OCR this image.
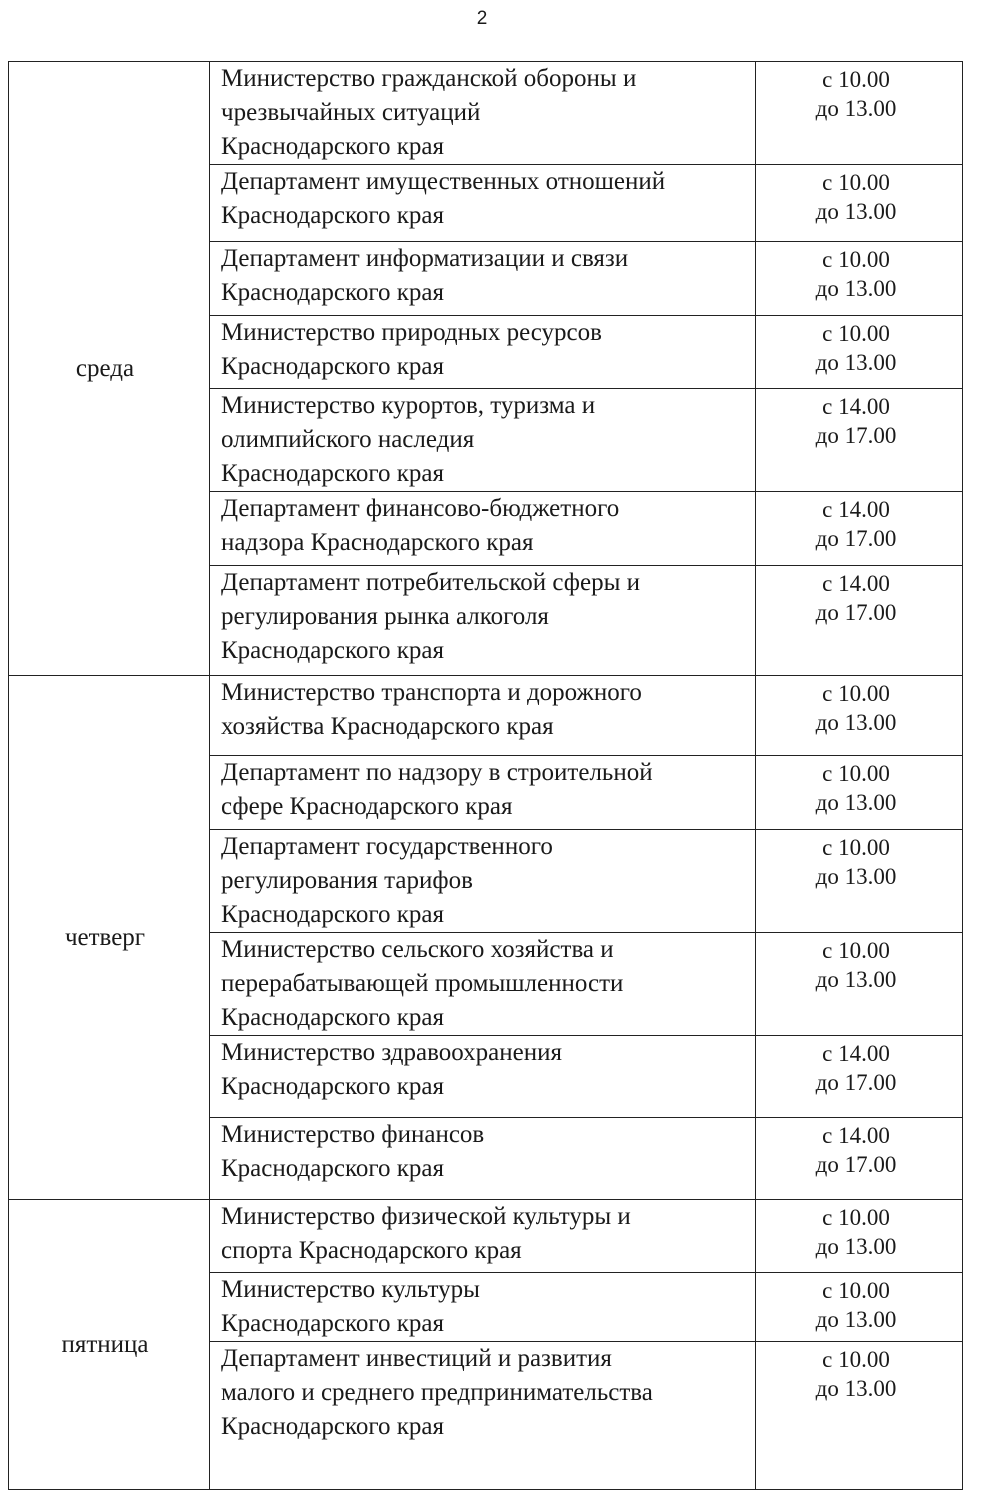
2
среда	Министерство гражданской обороны и
чрезвычайных ситуаций
Краснодарского края	с 10.00
до 13.00

	Департамент имущественных отношений
Краснодарского края	с 10.00
до 13.00

	Департамент информатизации и связи
Краснодарского края	с 10.00
до 13.00

	Министерство природных ресурсов
Краснодарского края	с 10.00
до 13.00

	Министерство курортов, туризма и
олимпийского наследия
Краснодарского края	с 14.00
до 17.00

	Департамент финансово-бюджетного
надзора Краснодарского края	с 14.00
до 17.00

	Департамент потребительской сферы и
регулирования рынка алкоголя
Краснодарского края	с 14.00
до 17.00

четверг	Министерство транспорта и дорожного
хозяйства Краснодарского края	с 10.00
до 13.00

	Департамент по надзору в строительной
сфере Краснодарского края	с 10.00
до 13.00

	Департамент государственного
регулирования тарифов
Краснодарского края	с 10.00
до 13.00

	Министерство сельского хозяйства и
перерабатывающей промышленности
Краснодарского края	с 10.00
до 13.00

	Министерство здравоохранения
Краснодарского края	с 14.00
до 17.00

	Министерство финансов
Краснодарского края	с 14.00
до 17.00

пятница	Министерство физической культуры и
спорта Краснодарского края	с 10.00
до 13.00

	Министерство культуры
Краснодарского края	с 10.00
до 13.00

	Департамент инвестиций и развития
малого и среднего предпринимательства
Краснодарского края	с 10.00
до 13.00
